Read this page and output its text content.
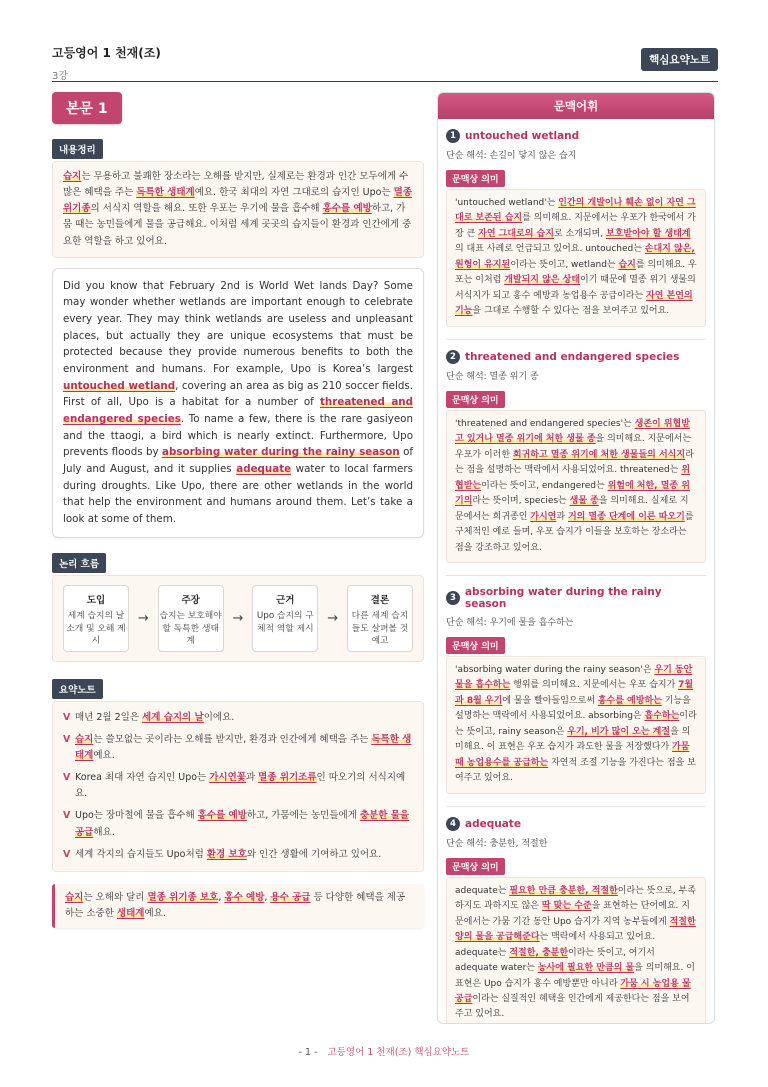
고등영어 1 천재(조)
3강
핵심요약노트
본문 1
내용정리
습지는 무용하고 불쾌한 장소라는 오해를 받지만, 실제로는 환경과 인간 모두에게 수많은 혜택을 주는 독특한 생태계예요. 한국 최대의 자연 그대로의 습지인 Upo는 멸종 위기종의 서식지 역할을 해요. 또한 우포는 우기에 물을 흡수해 홍수를 예방하고, 가뭄 때는 농민들에게 물을 공급해요. 이처럼 세계 곳곳의 습지들이 환경과 인간에게 중요한 역할을 하고 있어요.
Did you know that February 2nd is World Wet lands Day? Some may wonder whether wetlands are important enough to celebrate every year. They may think wetlands are useless and unpleasant places, but actually they are unique ecosystems that must be protected because they provide numerous benefits to both the environment and humans. For example, Upo is Korea’s largest untouched wetland, covering an area as big as 210 soccer fields. First of all, Upo is a habitat for a number of threatened and endangered species. To name a few, there is the rare gasiyeon and the ttaogi, a bird which is nearly extinct. Furthermore, Upo prevents floods by absorbing water during the rainy season of July and August, and it supplies adequate water to local farmers during droughts. Like Upo, there are other wetlands in the world that help the environment and humans around them. Let’s take a look at some of them.
논리 흐름
도입
세계 습지의 날 소개 및 오해 제시
→
주장
습지는 보호해야 할 독특한 생태계
→
근거
Upo 습지의 구체적 역할 제시
→
결론
다른 세계 습지들도 살펴볼 것 예고
요약노트
V 매년 2월 2일은 세계 습지의 날이에요.
V 습지는 쓸모없는 곳이라는 오해를 받지만, 환경과 인간에게 혜택을 주는 독특한 생태계예요.
V Korea 최대 자연 습지인 Upo는 가시연꽃과 멸종 위기조류인 따오기의 서식지예요.
V Upo는 장마철에 물을 흡수해 홍수를 예방하고, 가뭄에는 농민들에게 충분한 물을 공급해요.
V 세계 각지의 습지들도 Upo처럼 환경 보호와 인간 생활에 기여하고 있어요.
습지는 오해와 달리 멸종 위기종 보호, 홍수 예방, 용수 공급 등 다양한 혜택을 제공하는 소중한 생태계예요.
문맥어휘
1 untouched wetland
단순 해석: 손길이 닿지 않은 습지
문맥상 의미
'untouched wetland'는 인간의 개발이나 훼손 없이 자연 그대로 보존된 습지를 의미해요. 지문에서는 우포가 한국에서 가장 큰 자연 그대로의 습지로 소개되며, 보호받아야 할 생태계의 대표 사례로 언급되고 있어요. untouched는 손대지 않은, 원형이 유지된이라는 뜻이고, wetland는 습지를 의미해요. 우포는 이처럼 개발되지 않은 상태이기 때문에 멸종 위기 생물의 서식지가 되고 홍수 예방과 농업용수 공급이라는 자연 본연의 기능을 그대로 수행할 수 있다는 점을 보여주고 있어요.
2 threatened and endangered species
단순 해석: 멸종 위기 종
문맥상 의미
'threatened and endangered species'는 생존이 위협받고 있거나 멸종 위기에 처한 생물 종을 의미해요. 지문에서는 우포가 이러한 희귀하고 멸종 위기에 처한 생물들의 서식지라는 점을 설명하는 맥락에서 사용되었어요. threatened는 위협받는이라는 뜻이고, endangered는 위험에 처한, 멸종 위기의라는 뜻이며, species는 생물 종을 의미해요. 실제로 지문에서는 희귀종인 가시연과 거의 멸종 단계에 이른 따오기를 구체적인 예로 들며, 우포 습지가 이들을 보호하는 장소라는 점을 강조하고 있어요.
3 absorbing water during the rainy season
단순 해석: 우기에 물을 흡수하는
문맥상 의미
'absorbing water during the rainy season'은 우기 동안 물을 흡수하는 행위를 의미해요. 지문에서는 우포 습지가 7월과 8월 우기에 물을 빨아들임으로써 홍수를 예방하는 기능을 설명하는 맥락에서 사용되었어요. absorbing은 흡수하는이라는 뜻이고, rainy season은 우기, 비가 많이 오는 계절을 의미해요. 이 표현은 우포 습지가 과도한 물을 저장했다가 가뭄 때 농업용수를 공급하는 자연적 조절 기능을 가진다는 점을 보여주고 있어요.
4 adequate
단순 해석: 충분한, 적절한
문맥상 의미
adequate는 필요한 만큼 충분한, 적절한이라는 뜻으로, 부족하지도 과하지도 않은 딱 맞는 수준을 표현하는 단어예요. 지문에서는 가뭄 기간 동안 Upo 습지가 지역 농부들에게 적절한 양의 물을 공급해준다는 맥락에서 사용되고 있어요. adequate는 적절한, 충분한이라는 뜻이고, 여기서 adequate water는 농사에 필요한 만큼의 물을 의미해요. 이 표현은 Upo 습지가 홍수 예방뿐만 아니라 가뭄 시 농업용 물 공급이라는 실질적인 혜택을 인간에게 제공한다는 점을 보여주고 있어요.
- 1 - 고등영어 1 천재(조) 핵심요약노트
